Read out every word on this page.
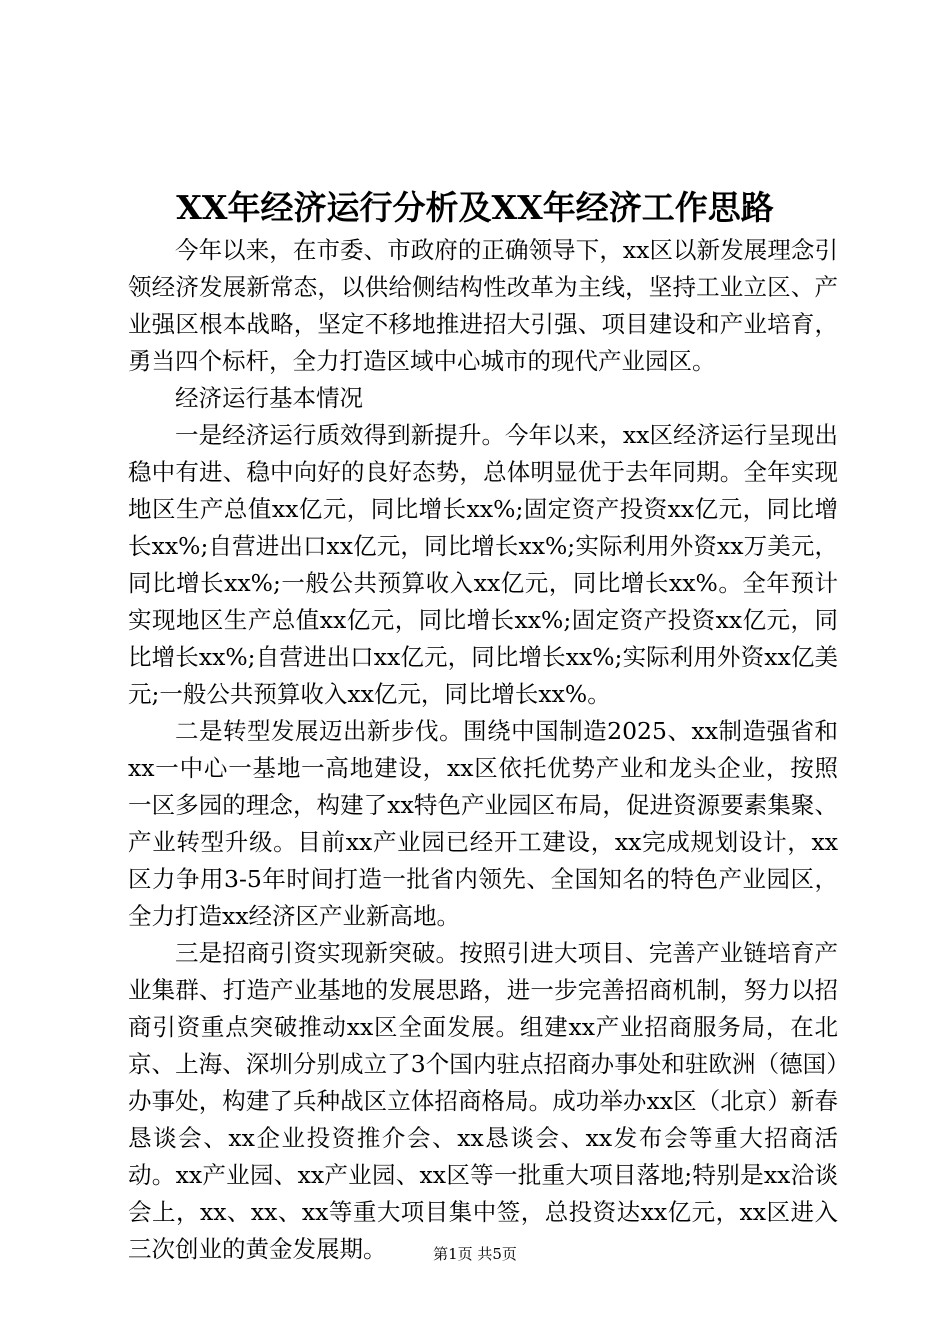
XX年经济运行分析及XX年经济工作思路

今年以来，在市委、市政府的正确领导下，xx区以新发展理念引领经济发展新常态，以供给侧结构性改革为主线，坚持工业立区、产业强区根本战略，坚定不移地推进招大引强、项目建设和产业培育，勇当四个标杆，全力打造区域中心城市的现代产业园区。

经济运行基本情况

一是经济运行质效得到新提升。今年以来，xx区经济运行呈现出稳中有进、稳中向好的良好态势，总体明显优于去年同期。全年实现地区生产总值xx亿元，同比增长xx%;固定资产投资xx亿元，同比增长xx%;自营进出口xx亿元，同比增长xx%;实际利用外资xx万美元，同比增长xx%;一般公共预算收入xx亿元，同比增长xx%。全年预计实现地区生产总值xx亿元，同比增长xx%;固定资产投资xx亿元，同比增长xx%;自营进出口xx亿元，同比增长xx%;实际利用外资xx亿美元;一般公共预算收入xx亿元，同比增长xx%。

二是转型发展迈出新步伐。围绕中国制造2025、xx制造强省和xx一中心一基地一高地建设，xx区依托优势产业和龙头企业，按照一区多园的理念，构建了xx特色产业园区布局，促进资源要素集聚、产业转型升级。目前xx产业园已经开工建设，xx完成规划设计，xx区力争用3-5年时间打造一批省内领先、全国知名的特色产业园区，全力打造xx经济区产业新高地。

三是招商引资实现新突破。按照引进大项目、完善产业链培育产业集群、打造产业基地的发展思路，进一步完善招商机制，努力以招商引资重点突破推动xx区全面发展。组建xx产业招商服务局，在北京、上海、深圳分别成立了3个国内驻点招商办事处和驻欧洲（德国）办事处，构建了兵种战区立体招商格局。成功举办xx区（北京）新春恳谈会、xx企业投资推介会、xx恳谈会、xx发布会等重大招商活动。xx产业园、xx产业园、xx区等一批重大项目落地;特别是xx洽谈会上，xx、xx、xx等重大项目集中签，总投资达xx亿元，xx区进入三次创业的黄金发展期。	第1页 共5页
